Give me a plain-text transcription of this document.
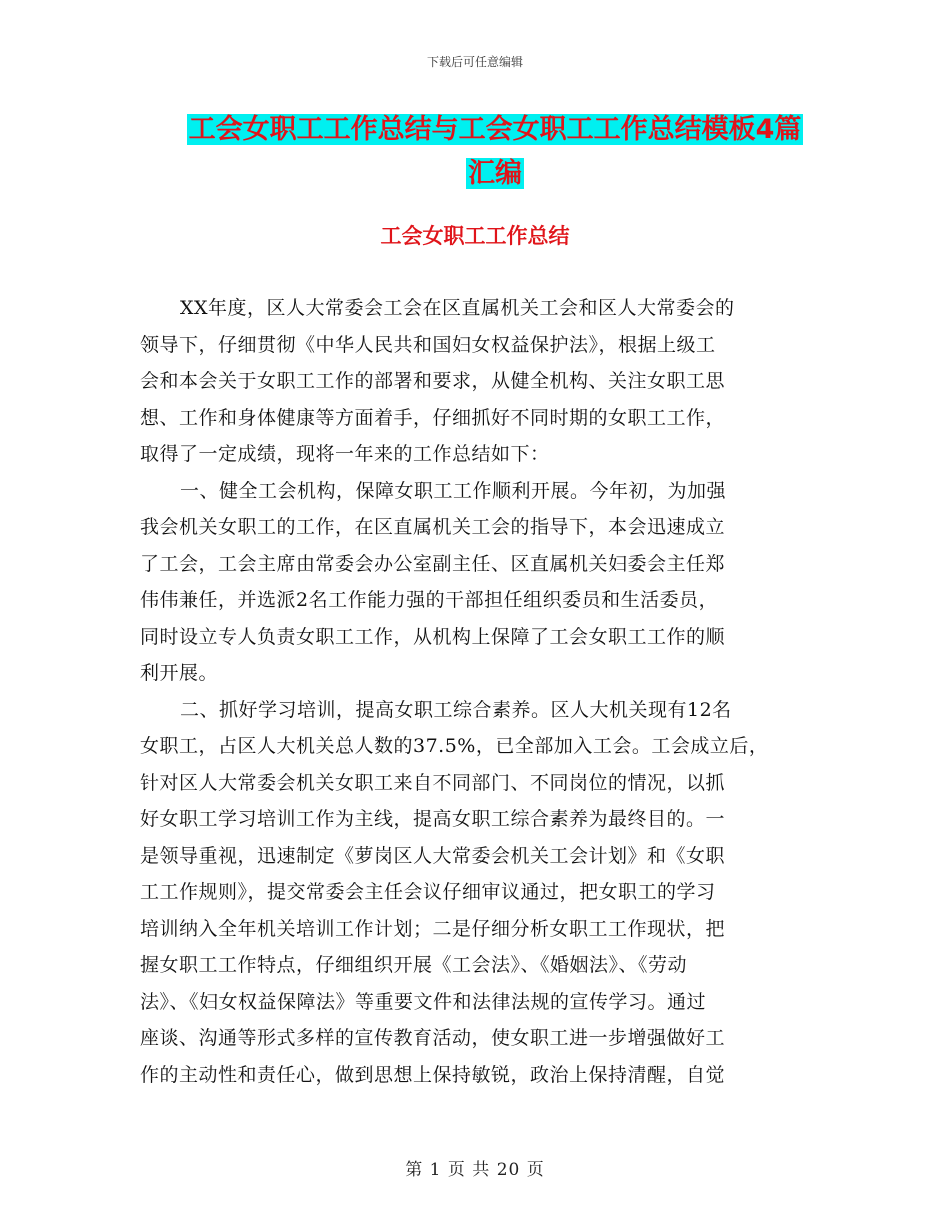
下载后可任意编辑
工会女职工工作总结与工会女职工工作总结模板4篇
汇编
工会女职工工作总结
XX年度，区人大常委会工会在区直属机关工会和区人大常委会的
领导下，仔细贯彻《中华人民共和国妇女权益保护法》，根据上级工
会和本会关于女职工工作的部署和要求，从健全机构、关注女职工思
想、工作和身体健康等方面着手，仔细抓好不同时期的女职工工作，
取得了一定成绩，现将一年来的工作总结如下：
一、健全工会机构，保障女职工工作顺利开展。今年初，为加强
我会机关女职工的工作，在区直属机关工会的指导下，本会迅速成立
了工会，工会主席由常委会办公室副主任、区直属机关妇委会主任郑
伟伟兼任，并选派2名工作能力强的干部担任组织委员和生活委员，
同时设立专人负责女职工工作，从机构上保障了工会女职工工作的顺
利开展。
二、抓好学习培训，提高女职工综合素养。区人大机关现有12名
女职工，占区人大机关总人数的37.5%，已全部加入工会。工会成立后，
针对区人大常委会机关女职工来自不同部门、不同岗位的情况，以抓
好女职工学习培训工作为主线，提高女职工综合素养为最终目的。一
是领导重视，迅速制定《萝岗区人大常委会机关工会计划》和《女职
工工作规则》，提交常委会主任会议仔细审议通过，把女职工的学习
培训纳入全年机关培训工作计划；二是仔细分析女职工工作现状，把
握女职工工作特点，仔细组织开展《工会法》、《婚姻法》、《劳动
法》、《妇女权益保障法》等重要文件和法律法规的宣传学习。通过
座谈、沟通等形式多样的宣传教育活动，使女职工进一步增强做好工
作的主动性和责任心，做到思想上保持敏锐，政治上保持清醒，自觉
第 1 页 共 20 页
